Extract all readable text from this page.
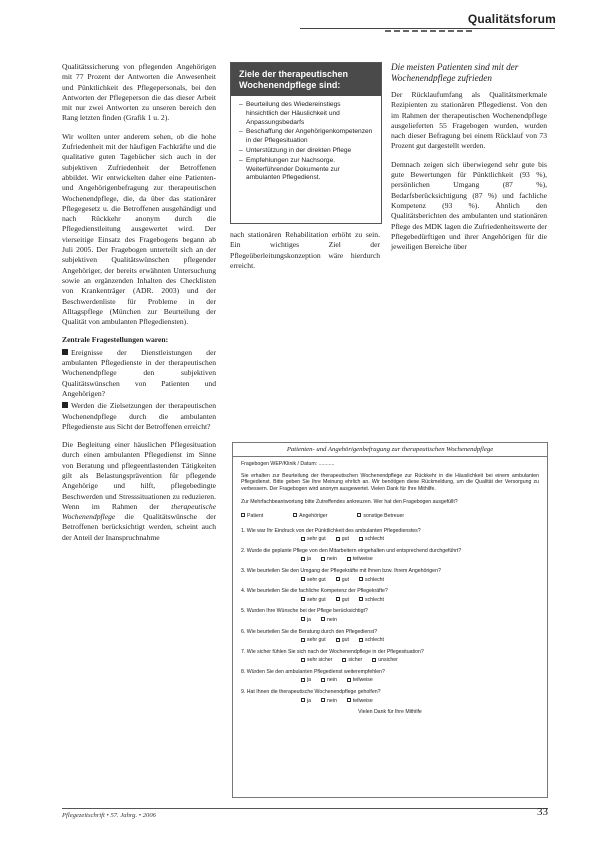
Qualitätsforum

Qualitätssicherung von pflegenden Angehörigen mit 77 Prozent der Antworten die Anwesenheit und Pünktlichkeit des Pflegepersonals, bei den Antworten der Pflegeperson die das dieser Arbeit mit nur zwei Antworten zu unseren bereich den Rang letzten finden (Grafik 1 u. 2).

Wir wollten unter anderem sehen, ob die hohe Zufriedenheit mit der häufigen Fachkräfte und die qualitative guten Tagebücher sich auch in der subjektiven Zufriedenheit der Betroffenen abbildet. Wir entwickelten daher eine Patienten- und Angehörigenbefragung zur therapeutischen Wochenendpflege, die, da über das stationärer Pflegegesetz u. die Betroffenen ausgehändigt und nach Rückkehr anonym durch die Pflegedienstleitung ausgewertet wird. Der vierseitige Einsatz des Fragebogens begann ab Juli 2005. Der Fragebogen unterteilt sich an der subjektiven Qualitätswünschen pflegender Angehöriger, der bereits erwähnten Untersuchung sowie an ergänzenden Inhalten des Checklisten von Krankenträger (ADR. 2003) und der Beschwerdenliste für Probleme in der Alltagspflege (München zur Beurteilung der Qualität von ambulanten Pflegediensten).

Zentrale Fragestellungen waren:

Ereignisse der Dienstleistungen der ambulanten Pflegedienste in der therapeutischen Wochenendpflege den subjektiven Qualitätswünschen von Patienten und Angehörigen?
Werden die Zielsetzungen der therapeutischen Wochenendpflege durch die ambulanten Pflegedienste aus Sicht der Betroffenen erreicht?

Die Begleitung einer häuslichen Pflegesituation durch einen ambulanten Pflegedienst im Sinne von Beratung und pflegeentlastenden Tätigkeiten gilt als Belastungsprävention für pflegende Angehörige und hilft, pflegebedingte Beschwerden und Stresssituationen zu reduzieren. Wenn im Rahmen der therapeutische Wochenendpflege die Qualitätswünsche der Betroffenen berücksichtigt werden, scheint auch der Anteil der Inanspruchnahme

Ziele der therapeutischen Wochenendpflege sind:
– Beurteilung des Wiedereinstiegs hinsichtlich der Häuslichkeit und Anpassungsbedarfs
– Beschaffung der Angehörigenkompetenzen in der Pflegesituation
– Unterstützung in der direkten Pflege
– Empfehlungen zur Nachsorge. Weiterführender Dokumente zur ambulanten Pflegedienst.

nach stationären Rehabilitation erhöht zu sein. Ein wichtiges Ziel der Pflegeüberleitungskonzeption wäre hierdurch erreicht.

Die meisten Patienten sind mit der Wochenendpflege zufrieden

Der Rücklaufumfang als Qualitätsmerkmale Rezipienten zu stationären Pflegedienst. Von den im Rahmen der therapeutischen Wochenendpflege ausgelieferten 55 Fragebogen wurden, wurden nach dieser Befragung bei einem Rücklauf von 73 Prozent gut dargestellt werden.

Demnach zeigen sich überwiegend sehr gute bis gute Bewertungen für Pünktlichkeit (93 %), persönlichen Umgang (87 %), Bedarfsberücksichtigung (87 %) und fachliche Kompetenz (93 %). Ähnlich den Qualitätsberichten des ambulanten und stationären Pflege des MDK lagen die Zufriedenheitswerte der Pflegebedürftigen und ihrer Angehörigen für die jeweiligen Bereiche über

Patienten- und Angehörigenbefragung zur therapeutischen Wochenendpflege
Fragebogen WEP/Klinik / Datum: ...........
Sie erhalten zur Beurteilung der therapeutischen Wochenendpflege zur Rückkehr in die Häuslichkeit bei einem ambulanten Pflegedienst. Bitte geben Sie Ihre Meinung ehrlich an. Wir benötigen diese Rückmeldung, um die Qualität der Versorgung zu verbessern. Der Fragebogen wird anonym ausgewertet. Vielen Dank für Ihre Mithilfe.
Zur Mehrfachbeantwortung bitte Zutreffendes ankreuzen. Wer hat den Fragebogen ausgefüllt?
Patient	Angehöriger	sonstige Betreuer
1. Wie war Ihr Eindruck von der Pünktlichkeit des ambulanten Pflegedienstes?
sehr gut	gut	schlecht
2. Wurde die geplante Pflege von den Mitarbeitern eingehalten und entsprechend durchgeführt?
ja	nein	teilweise
3. Wie beurteilen Sie den Umgang der Pflegekräfte mit Ihnen bzw. Ihrem Angehörigen?
sehr gut	gut	schlecht
4. Wie beurteilen Sie die fachliche Kompetenz der Pflegekräfte?
sehr gut	gut	schlecht
5. Wurden Ihre Wünsche bei der Pflege berücksichtigt?
ja	nein
6. Wie beurteilen Sie die Beratung durch den Pflegedienst?
sehr gut	gut	schlecht
7. Wie sicher fühlen Sie sich nach der Wochenendpflege in der Pflegesituation?
sehr sicher	sicher	unsicher
8. Würden Sie den ambulanten Pflegedienst weiterempfehlen?
ja	nein	teilweise
9. Hat Ihnen die therapeutische Wochenendpflege geholfen?
ja	nein	teilweise
Vielen Dank für Ihre Mithilfe
Pflegezeitschrift • 57. Jahrg. • 2006	33
